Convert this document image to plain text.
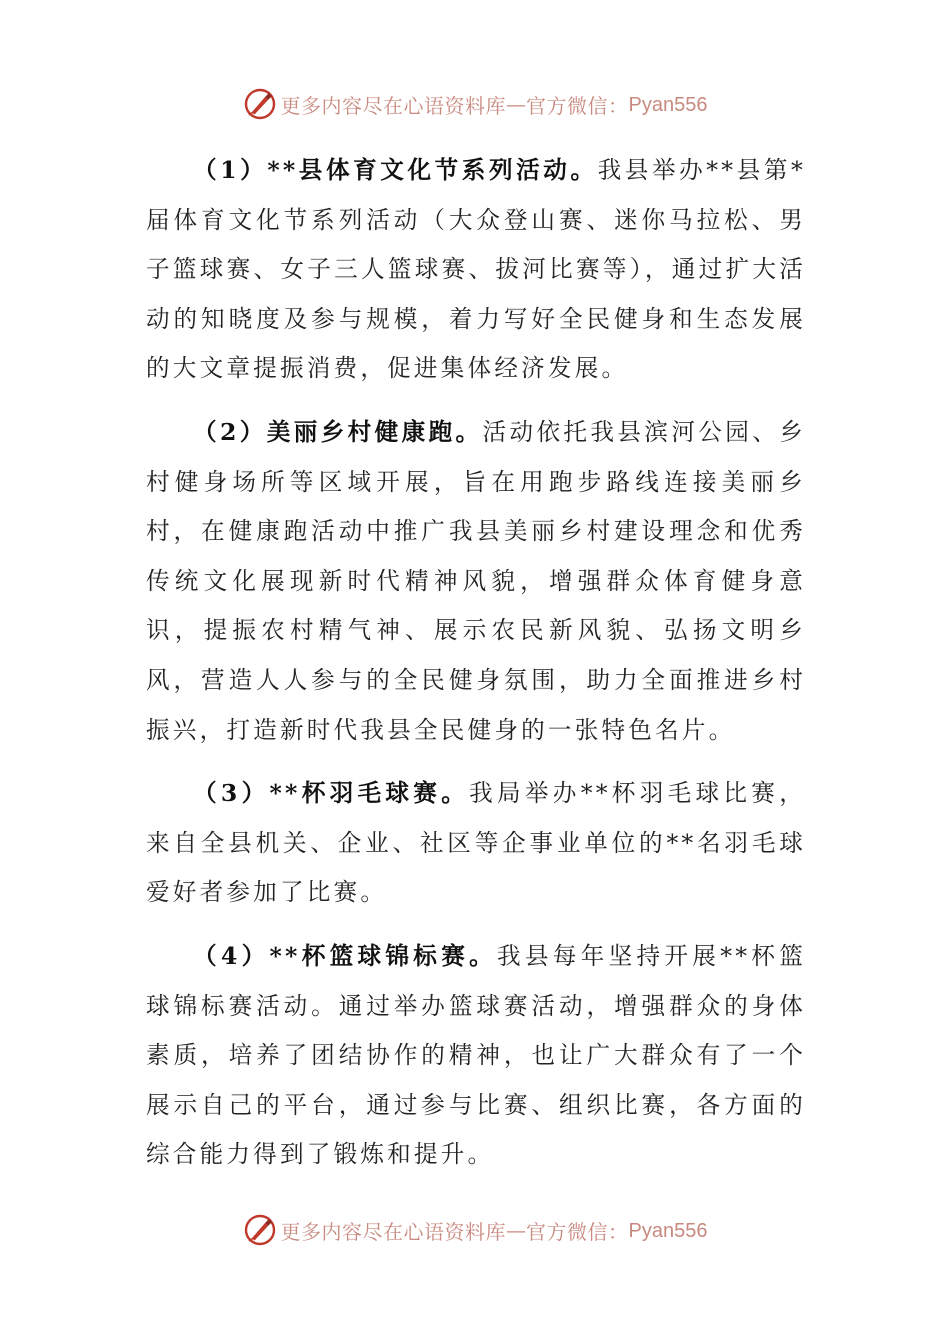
更多内容尽在心语资料库 — 官方微信： Pyan556

（1）**县体育文化节系列活动。我县举办**县第*届体育文化节系列活动（大众登山赛、迷你马拉松、男子篮球赛、女子三人篮球赛、拔河比赛等），通过扩大活动的知晓度及参与规模，着力写好全民健身和生态发展的大文章提振消费，促进集体经济发展。

（2）美丽乡村健康跑。活动依托我县滨河公园、乡村健身场所等区域开展，旨在用跑步路线连接美丽乡村，在健康跑活动中推广我县美丽乡村建设理念和优秀传统文化展现新时代精神风貌，增强群众体育健身意识，提振农村精气神、展示农民新风貌、弘扬文明乡风，营造人人参与的全民健身氛围，助力全面推进乡村振兴，打造新时代我县全民健身的一张特色名片。

（3）**杯羽毛球赛。我局举办**杯羽毛球比赛，来自全县机关、企业、社区等企事业单位的**名羽毛球爱好者参加了比赛。

（4）**杯篮球锦标赛。我县每年坚持开展**杯篮球锦标赛活动。通过举办篮球赛活动，增强群众的身体素质，培养了团结协作的精神，也让广大群众有了一个展示自己的平台，通过参与比赛、组织比赛，各方面的综合能力得到了锻炼和提升。

更多内容尽在心语资料库 — 官方微信： Pyan556
